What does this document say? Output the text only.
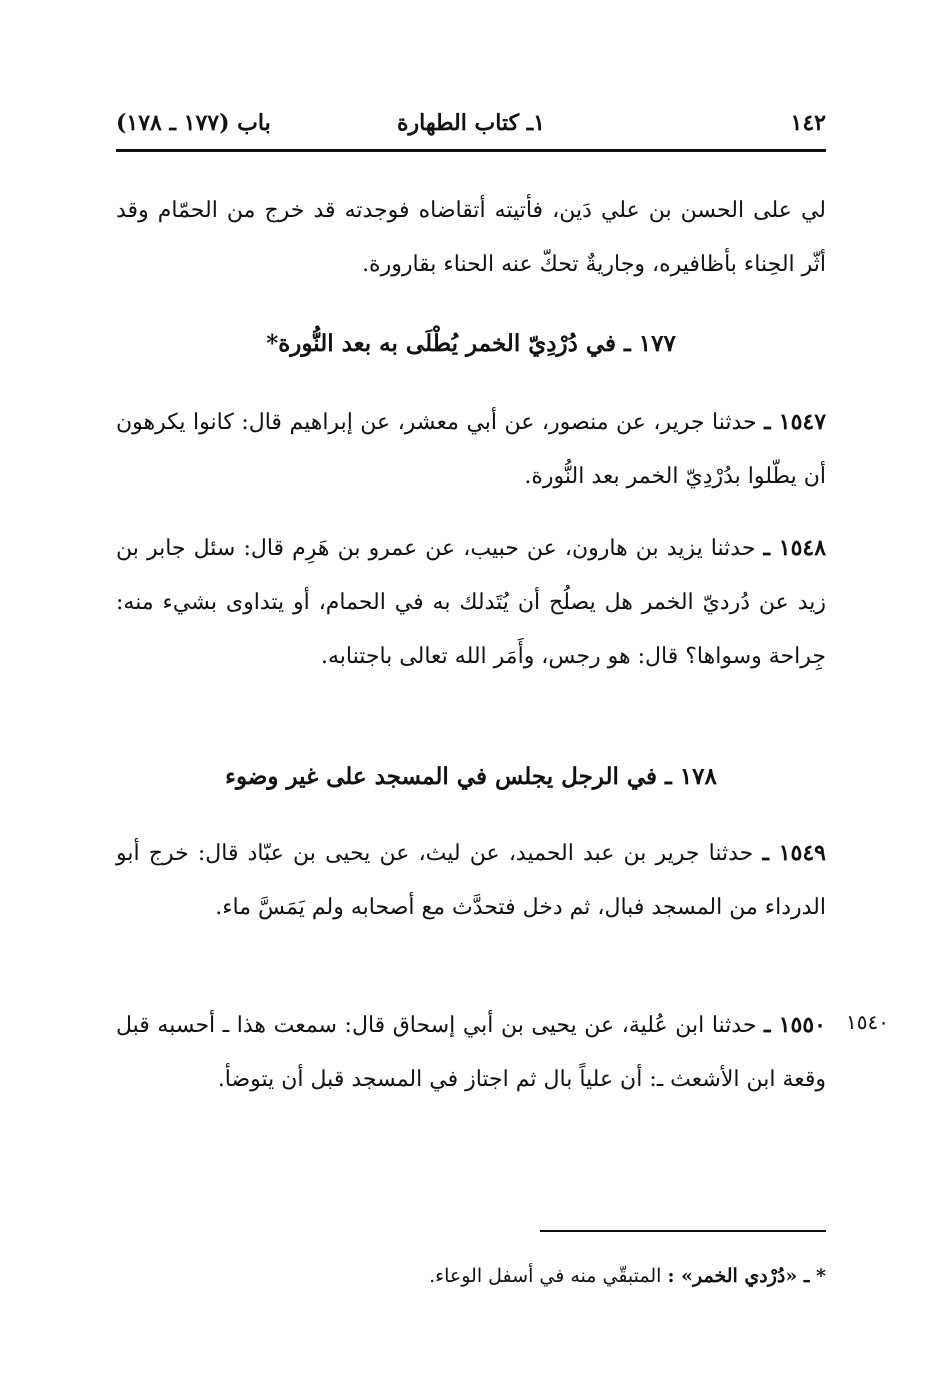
١٤٢
١ـ كتاب الطهارة
باب (١٧٧ ـ ١٧٨)
لي على الحسن بن علي دَين، فأتيته أتقاضاه فوجدته قد خرج من الحمّام وقد أثّر الحِناء بأظافيره، وجاريةٌ تحكّ عنه الحناء بقارورة.
١٧٧ ـ في دُرْدِيّ الخمر يُطْلَى به بعد النُّورة*
١٥٤٧ ـ حدثنا جرير، عن منصور، عن أبي معشر، عن إبراهيم قال: كانوا يكرهون أن يطّلوا بدُرْدِيّ الخمر بعد النُّورة.
١٥٤٨ ـ حدثنا يزيد بن هارون، عن حبيب، عن عمرو بن هَرِم قال: سئل جابر بن زيد عن دُرديّ الخمر هل يصلُح أن يُتَدلك به في الحمام، أو يتداوى بشيء منه: جِراحة وسواها؟ قال: هو رجس، وأَمَر الله تعالى باجتنابه.
١٧٨ ـ في الرجل يجلس في المسجد على غير وضوء
١٥٤٩ ـ حدثنا جرير بن عبد الحميد، عن ليث، عن يحيى بن عبّاد قال: خرج أبو الدرداء من المسجد فبال، ثم دخل فتحدَّث مع أصحابه ولم يَمَسَّ ماء.
١٥٥٠ ـ حدثنا ابن عُلية، عن يحيى بن أبي إسحاق قال: سمعت هذا ـ أحسبه قبل وقعة ابن الأشعث ـ: أن علياً بال ثم اجتاز في المسجد قبل أن يتوضأ.
١٥٤٠
* ـ «دُرْدي الخمر» : المتبقّي منه في أسفل الوعاء.
